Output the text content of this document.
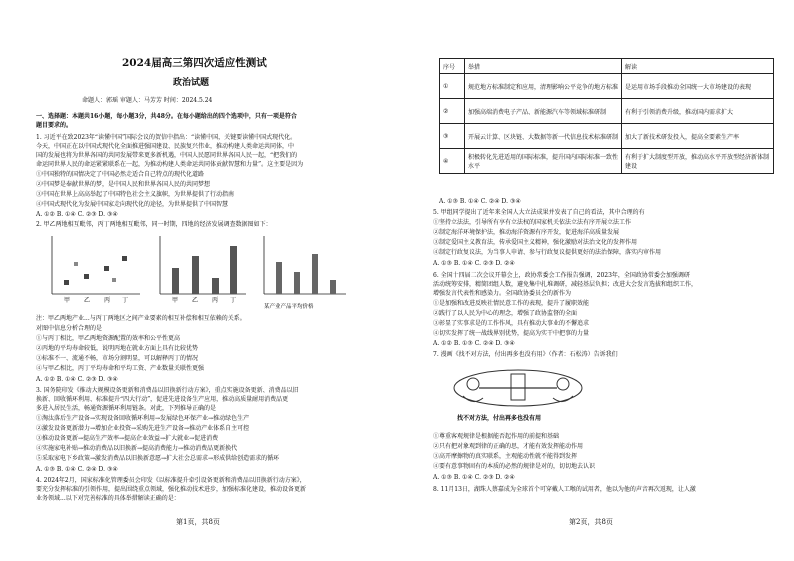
2024届高三第四次适应性测试
政治试题
命题人：郭瑶 审题人：马芳芳 时间：2024.5.24
一、选择题：本题共16小题，每小题3分，共48分。在每小题给出的四个选项中，只有一项是符合
题目要求的。
1. 习近平在致2023年“读懂中国”国际会议的贺信中指出：“读懂中国，关键要读懂中国式现代化。
今天，中国正在以中国式现代化全面推进强国建设、民族复兴伟业，推动构建人类命运共同体，中
国的发展也将为世界各国的共同发展带来更多新机遇，中国人民愿同世界各国人民一起，“把我们的
命运同世界人民的命运紧紧联系在一起，为推动构建人类命运共同体贡献智慧和力量”。这主要是因为
①中国独特的国情决定了中国必然走适合自己特点的现代化道路
②中国梦是奉献世界的梦，是中国人民和世界各国人民的共同梦想
③中国在世界上高高举起了中国特色社会主义旗帜，为世界提供了行动指南
④中国式现代化为发展中国家走向现代化的途径，为世界提供了中国智慧
A. ①② B. ①④ C. ②③ D. ③④
2. 甲乙两地相互毗邻，丙丁两地相互毗邻，同一时期，四地的经济发展调查数据图如下：
甲 乙 丙 丁	甲 乙 丙 丁
某产业产品平均价格
注：甲乙两地产业...与丙丁两地区之间产业要素的相互补偿和相互依赖的关系。
对图中信息分析合理的是
①与丙丁相比，甲乙两地资源配置的效率和公平性更高
②丙地的平均寿命较低，说明丙地在就业方面上具有比较优势
③标准不一、流通不畅，市场分割明显，可以解释丙丁的情况
④与甲乙相比，丙丁平均寿命和平均工资、产业数量关联性更强
A. ①② B. ①④ C. ②③ D. ③④
3. 国务院印发《推动大规模设备更新和消费品以旧换新行动方案》，重点实施设备更新、消费品以旧
换新、回收循环利用、标准提升“四大行动”，促进先进设备生产应用，推动高质量耐用消费品更
多进入居民生活，畅通资源循环利用链条。对此，下列推导正确的是
①淘汰落后生产设备→实现设备回收循环利用→发展绿色环保产业→推动绿色生产
②激发设备更新潜力→增加企业投资→采购先进生产设备→推动产业体系自主可控
③推动设备更新→提高生产效率→提高企业效益→扩大就业→促进消费
④实施家电补贴→推动消费品以旧换新→提高消费能力→推动消费品更新换代
⑤采取家电下乡政策→激发消费品以旧换新意愿→扩大社会总需求→形成供给创造需求的循环
A. ①③ B. ①④ C. ②④ D. ③④
4. 2024年2月，国家标准化管理委员会印发《以标准提升牵引设备更新和消费品以旧换新行动方案》，
要充分发挥标准的引领作用，提出围绕重点领域，强化推动技术进步，加强标准化建设，推动设备更新
业务领域...以下对完善标准的具体举措解读正确的是：
第1页，共8页
序号	举措	解读
①	规范地方标准制定和应用，清理影响公平竞争的地方标准	是运用市场手段推动全国统一大市场建设的表现
②	加强高端消费电子产品、新能源汽车等领域标准研制	有利于引领消费升级，推动国内需求扩大
③	开展云计算、区块链、大数据等新一代信息技术标准研制	加大了新技术研发投入，提高全要素生产率
④	积极转化先进适用的国际标准，提升国内国际标准一致性水平	有利于扩大制度型开放，推动高水平开放型经济新体制建设
A. ①③ B. ①④ C. ②④ D. ③④
5. 甲组同学提出了近年来全国人大立法成果并发表了自己的看法，其中合理的有
①坚持立法法，引导所有享有立法权的国家机关依法立法有序开展立法工作
②制定海洋环境保护法，推动海洋资源有序开发，促进海洋高质量发展
③制定爱国主义教育法，传承爱国主义精神，强化激励对法治文化的发挥作用
④制定行政复议法，为当事人申请、参与行政复议提供更好的法治保障，落实内审作用
A. ①③ B. ①④ C. ②③ D. ②④
6. 全国十四届二次会议开幕会上，政协常委会工作报告强调，2023年，全国政协常委会加强调研
活动统筹安排，精简团组人数，避免集中扎堆调研，减轻基层负担；改进大会发言选拔和组织工作，
增强发言代表性和感染力。全国政协委员会的新作为
①是加强和改进反映社情民意工作的表现，提升了履职效能
②践行了以人民为中心的理念，增强了政协监督的全面
③彰显了实事求是的工作作风，具有推动大事业的不懈追求
④切实发挥了统一战线界别优势，提高为实干中把事的力量
A. ①② B. ①③ C. ②④ D. ③④
7. 漫画《找不对方法，付出再多也没有用》（作者：石松涛）告诉我们
找不对方法，付出再多也没有用
①尊重客观规律是根据能否起作用的前提和基础
②只有把对象观到律的正确的思，才能有效发挥能动作用
③高开摩擦物的真实联系，主观能动性就不能得到发挥
④要有意事物固有的本质的必然的规律是对的，切切地去认识
A. ①③ B. ①④ C. ②③ D. ②④
8. 11月13日，湖珠人蔡嘉成为全球首个可穿戴人工喉的试用者，他以为他的声音再次返现，让人激
第2页，共8页
